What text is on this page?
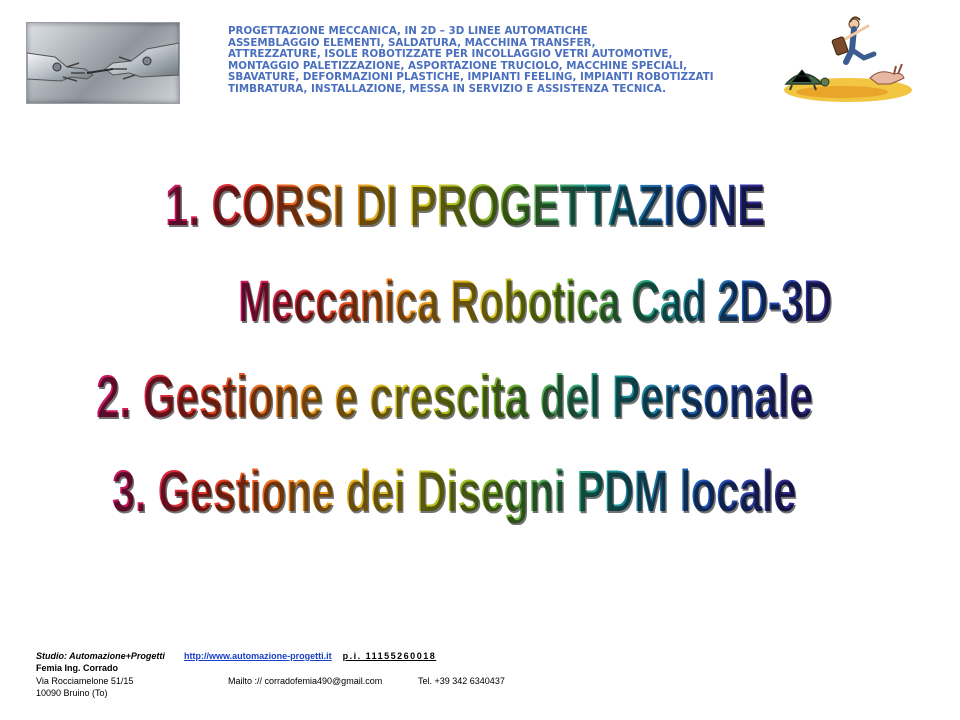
PROGETTAZIONE MECCANICA, IN 2D – 3D LINEE AUTOMATICHE
ASSEMBLAGGIO ELEMENTI, SALDATURA, MACCHINA TRANSFER,
ATTREZZATURE, ISOLE ROBOTIZZATE PER INCOLLAGGIO VETRI AUTOMOTIVE,
MONTAGGIO PALETIZZAZIONE, ASPORTAZIONE TRUCIOLO, MACCHINE SPECIALI,
SBAVATURE, DEFORMAZIONI PLASTICHE, IMPIANTI FEELING, IMPIANTI ROBOTIZZATI
TIMBRATURA, INSTALLAZIONE, MESSA IN SERVIZIO E ASSISTENZA TECNICA.
1. CORSI DI PROGETTAZIONE
Meccanica Robotica Cad 2D-3D
2. Gestione e crescita del Personale
3. Gestione dei Disegni PDM locale
Studio: Automazione+Progetti http://www.automazione-progetti.it p.i. 11155260018
Femia Ing. Corrado
Via Rocciamelone 51/15	Mailto :// corradofemia490@gmail.com	Tel. +39 342 6340437
10090 Bruino (To)
